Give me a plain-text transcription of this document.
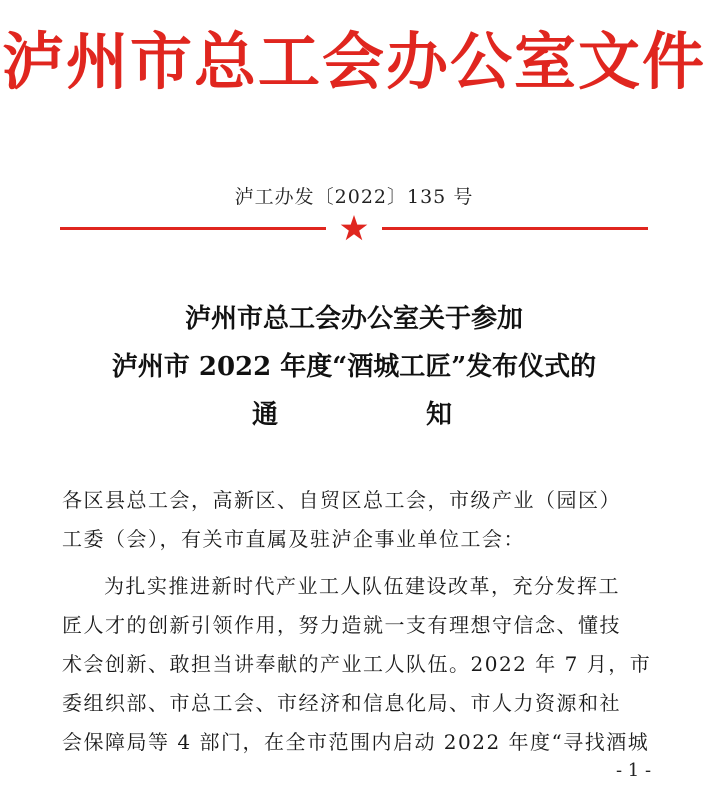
泸州市总工会办公室文件
泸工办发〔2022〕135 号
泸州市总工会办公室关于参加
泸州市 2022 年度“酒城工匠”发布仪式的
通	知
各区县总工会，高新区、自贸区总工会，市级产业（园区）
工委（会），有关市直属及驻泸企事业单位工会：
为扎实推进新时代产业工人队伍建设改革，充分发挥工
匠人才的创新引领作用，努力造就一支有理想守信念、懂技
术会创新、敢担当讲奉献的产业工人队伍。2022 年 7 月，市
委组织部、市总工会、市经济和信息化局、市人力资源和社
会保障局等 4 部门，在全市范围内启动 2022 年度“寻找酒城
- 1 -
